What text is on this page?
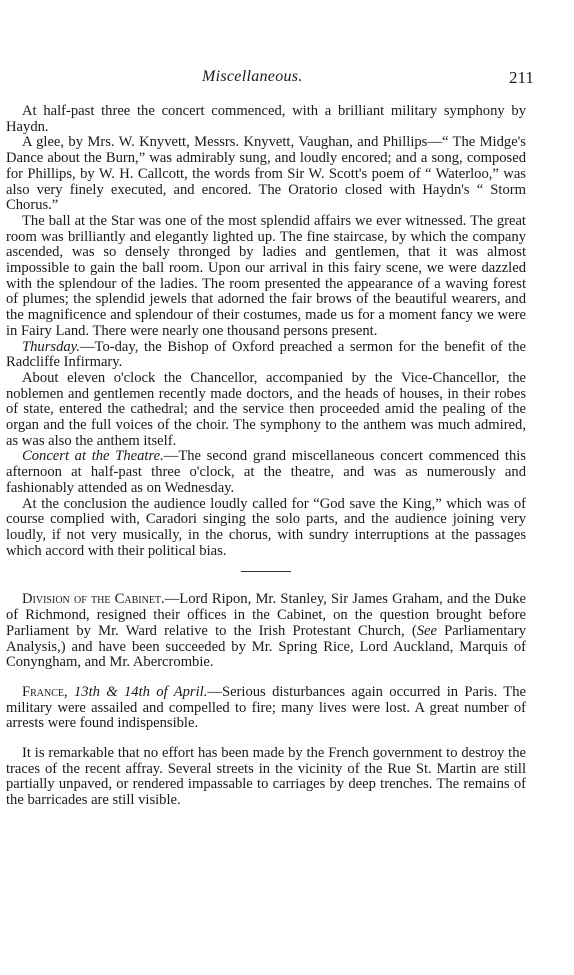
Miscellaneous.	211

At half-past three the concert commenced, with a brilliant military symphony by Haydn.

A glee, by Mrs. W. Knyvett, Messrs. Knyvett, Vaughan, and Phillips—“ The Midge's Dance about the Burn,” was admirably sung, and loudly encored; and a song, composed for Phillips, by W. H. Callcott, the words from Sir W. Scott's poem of “ Waterloo,” was also very finely executed, and encored. The Oratorio closed with Haydn's “ Storm Chorus.”

The ball at the Star was one of the most splendid affairs we ever witnessed. The great room was brilliantly and elegantly lighted up. The fine staircase, by which the company ascended, was so densely thronged by ladies and gentlemen, that it was almost impossible to gain the ball room. Upon our arrival in this fairy scene, we were dazzled with the splendour of the ladies. The room presented the appearance of a waving forest of plumes; the splendid jewels that adorned the fair brows of the beautiful wearers, and the magnificence and splendour of their costumes, made us for a moment fancy we were in Fairy Land. There were nearly one thousand persons present.

Thursday.—To-day, the Bishop of Oxford preached a sermon for the benefit of the Radcliffe Infirmary.

About eleven o'clock the Chancellor, accompanied by the Vice-Chancellor, the noblemen and gentlemen recently made doctors, and the heads of houses, in their robes of state, entered the cathedral; and the service then proceeded amid the pealing of the organ and the full voices of the choir. The symphony to the anthem was much admired, as was also the anthem itself.

Concert at the Theatre.—The second grand miscellaneous concert commenced this afternoon at half-past three o'clock, at the theatre, and was as numerously and fashionably attended as on Wednesday.

At the conclusion the audience loudly called for “God save the King,” which was of course complied with, Caradori singing the solo parts, and the audience joining very loudly, if not very musically, in the chorus, with sundry interruptions at the passages which accord with their political bias.

Division of the Cabinet.—Lord Ripon, Mr. Stanley, Sir James Graham, and the Duke of Richmond, resigned their offices in the Cabinet, on the question brought before Parliament by Mr. Ward relative to the Irish Protestant Church, (See Parliamentary Analysis,) and have been succeeded by Mr. Spring Rice, Lord Auckland, Marquis of Conyngham, and Mr. Abercrombie.

France, 13th & 14th of April.—Serious disturbances again occurred in Paris. The military were assailed and compelled to fire; many lives were lost. A great number of arrests were found indispensible.

It is remarkable that no effort has been made by the French government to destroy the traces of the recent affray. Several streets in the vicinity of the Rue St. Martin are still partially unpaved, or rendered impassable to carriages by deep trenches. The remains of the barricades are still visible.
